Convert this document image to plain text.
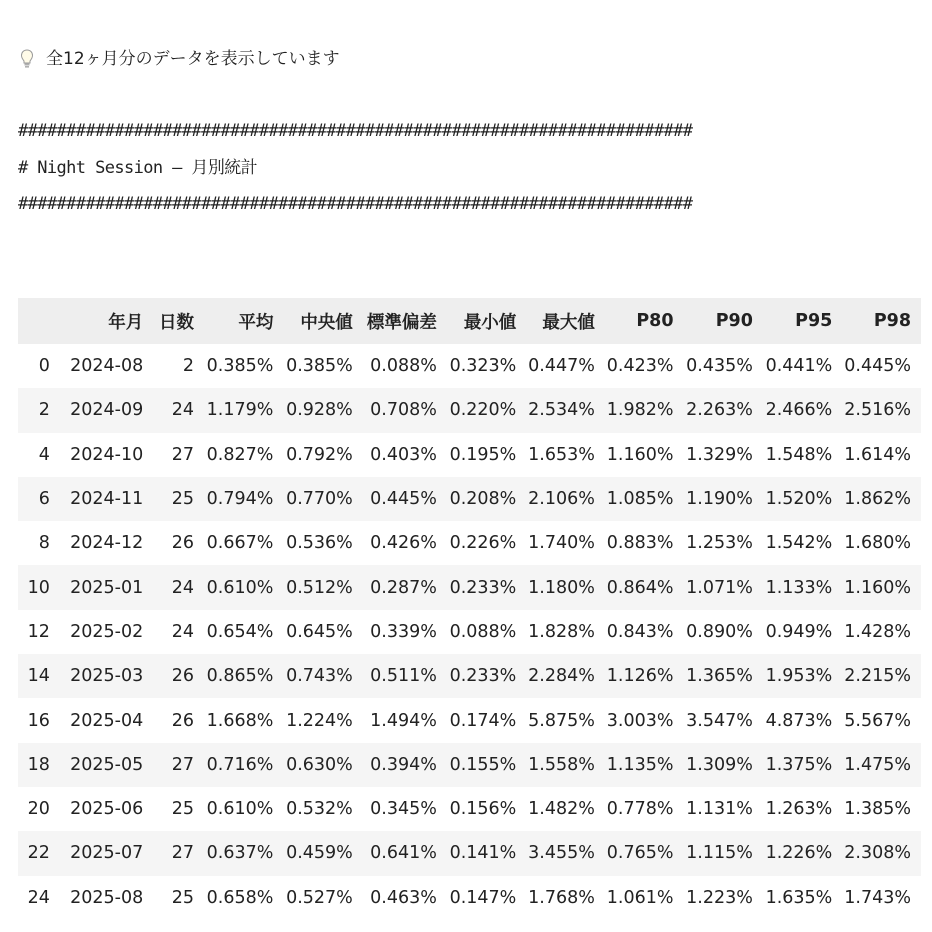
全12ヶ月分のデータを表示しています
######################################################################
# Night Session – 月別統計
######################################################################
	年月	日数	平均	中央値	標準偏差	最小値	最大値	P80	P90	P95	P98
0	2024-08	2	0.385%	0.385%	0.088%	0.323%	0.447%	0.423%	0.435%	0.441%	0.445%
2	2024-09	24	1.179%	0.928%	0.708%	0.220%	2.534%	1.982%	2.263%	2.466%	2.516%
4	2024-10	27	0.827%	0.792%	0.403%	0.195%	1.653%	1.160%	1.329%	1.548%	1.614%
6	2024-11	25	0.794%	0.770%	0.445%	0.208%	2.106%	1.085%	1.190%	1.520%	1.862%
8	2024-12	26	0.667%	0.536%	0.426%	0.226%	1.740%	0.883%	1.253%	1.542%	1.680%
10	2025-01	24	0.610%	0.512%	0.287%	0.233%	1.180%	0.864%	1.071%	1.133%	1.160%
12	2025-02	24	0.654%	0.645%	0.339%	0.088%	1.828%	0.843%	0.890%	0.949%	1.428%
14	2025-03	26	0.865%	0.743%	0.511%	0.233%	2.284%	1.126%	1.365%	1.953%	2.215%
16	2025-04	26	1.668%	1.224%	1.494%	0.174%	5.875%	3.003%	3.547%	4.873%	5.567%
18	2025-05	27	0.716%	0.630%	0.394%	0.155%	1.558%	1.135%	1.309%	1.375%	1.475%
20	2025-06	25	0.610%	0.532%	0.345%	0.156%	1.482%	0.778%	1.131%	1.263%	1.385%
22	2025-07	27	0.637%	0.459%	0.641%	0.141%	3.455%	0.765%	1.115%	1.226%	2.308%
24	2025-08	25	0.658%	0.527%	0.463%	0.147%	1.768%	1.061%	1.223%	1.635%	1.743%
